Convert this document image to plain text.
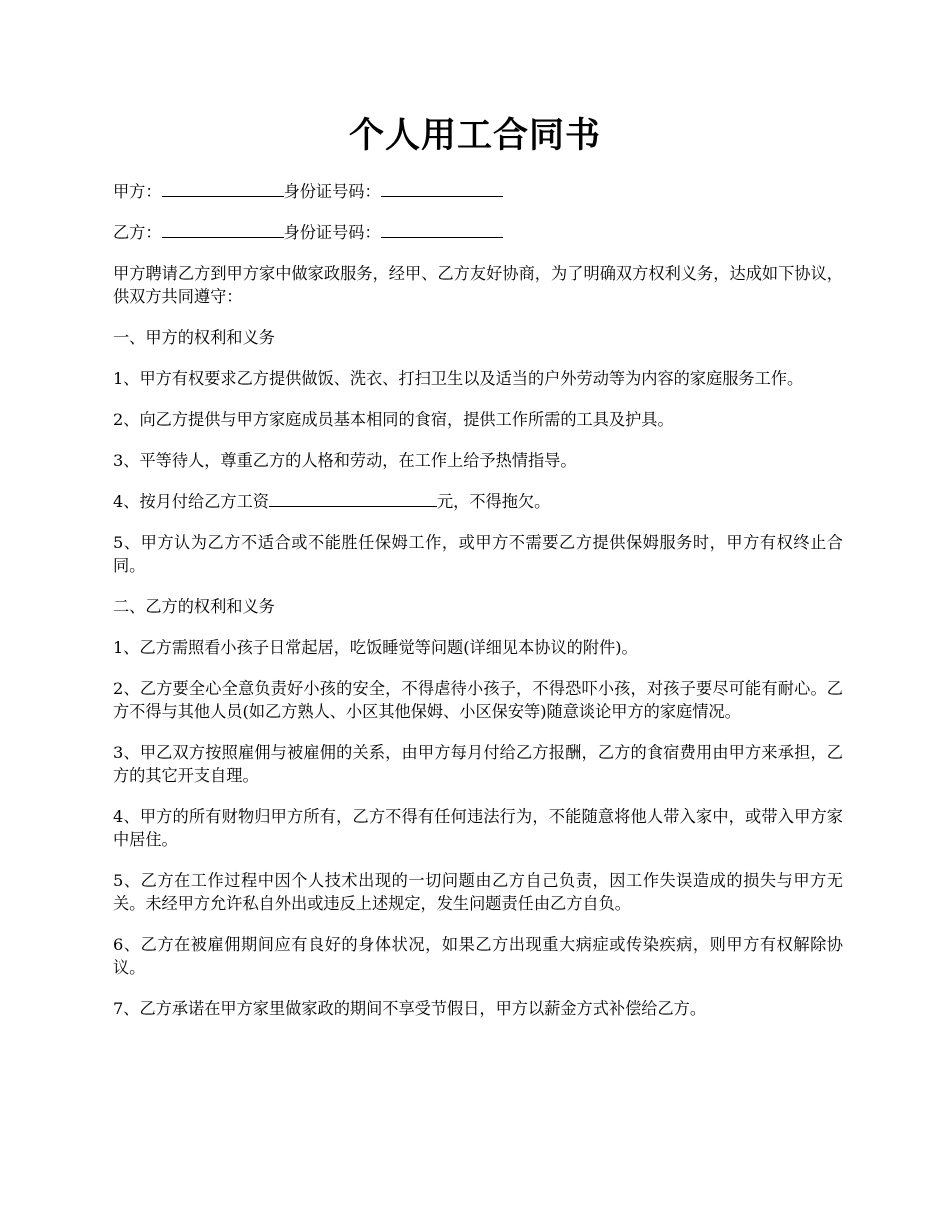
个人用工合同书

甲方：	身份证号码：

乙方：	身份证号码：

甲方聘请乙方到甲方家中做家政服务，经甲、乙方友好协商，为了明确双方权利义务，达成如下协议，供双方共同遵守：

一、甲方的权利和义务

1、甲方有权要求乙方提供做饭、洗衣、打扫卫生以及适当的户外劳动等为内容的家庭服务工作。

2、向乙方提供与甲方家庭成员基本相同的食宿，提供工作所需的工具及护具。

3、平等待人，尊重乙方的人格和劳动，在工作上给予热情指导。

4、按月付给乙方工资	元，不得拖欠。

5、甲方认为乙方不适合或不能胜任保姆工作，或甲方不需要乙方提供保姆服务时，甲方有权终止合同。

二、乙方的权利和义务

1、乙方需照看小孩子日常起居，吃饭睡觉等问题(详细见本协议的附件)。

2、乙方要全心全意负责好小孩的安全，不得虐待小孩子，不得恐吓小孩，对孩子要尽可能有耐心。乙方不得与其他人员(如乙方熟人、小区其他保姆、小区保安等)随意谈论甲方的家庭情况。

3、甲乙双方按照雇佣与被雇佣的关系，由甲方每月付给乙方报酬，乙方的食宿费用由甲方来承担，乙方的其它开支自理。

4、甲方的所有财物归甲方所有，乙方不得有任何违法行为，不能随意将他人带入家中，或带入甲方家中居住。

5、乙方在工作过程中因个人技术出现的一切问题由乙方自己负责，因工作失误造成的损失与甲方无关。未经甲方允许私自外出或违反上述规定，发生问题责任由乙方自负。

6、乙方在被雇佣期间应有良好的身体状况，如果乙方出现重大病症或传染疾病，则甲方有权解除协议。

7、乙方承诺在甲方家里做家政的期间不享受节假日，甲方以薪金方式补偿给乙方。
